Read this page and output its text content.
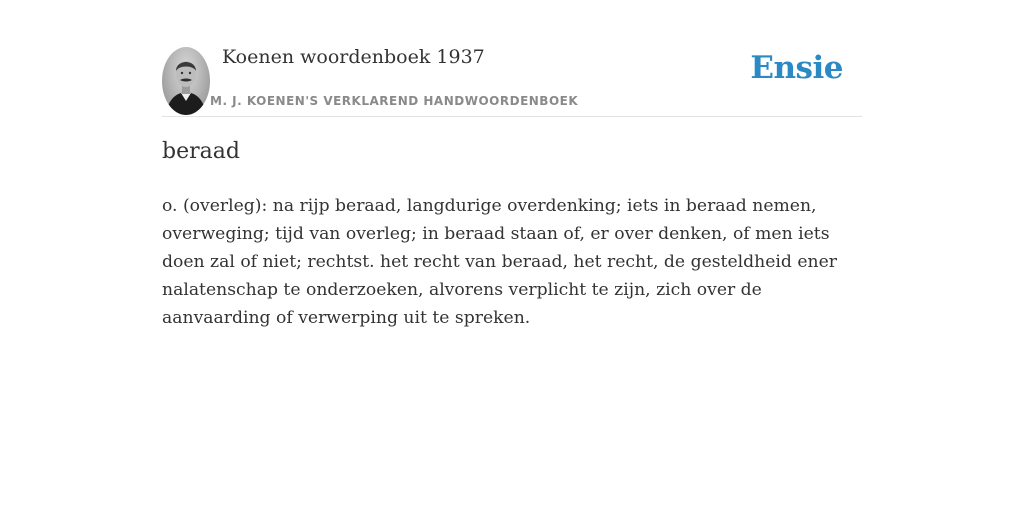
Koenen woordenboek 1937
M. J. KOENEN'S VERKLAREND HANDWOORDENBOEK
Ensie
beraad

o. (overleg): na rijp beraad, langdurige overdenking; iets in beraad nemen, overweging; tijd van overleg; in beraad staan of, er over denken, of men iets doen zal of niet; rechtst. het recht van beraad, het recht, de gesteldheid ener nalatenschap te onderzoeken, alvorens verplicht te zijn, zich over de aanvaarding of verwerping uit te spreken.
